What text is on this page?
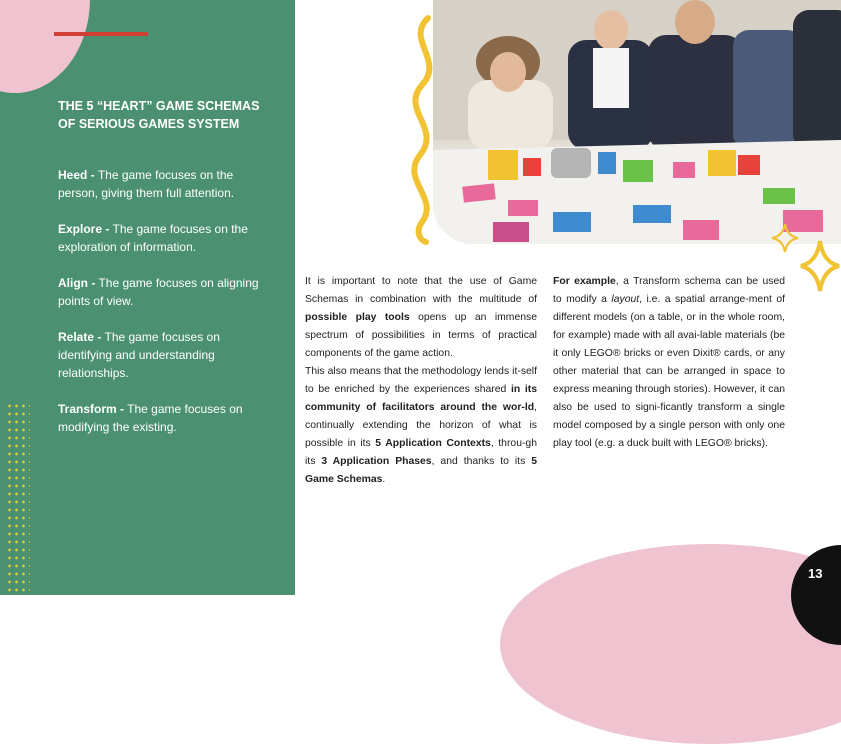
THE 5 “HEART” GAME SCHEMAS OF SERIOUS GAMES SYSTEM
Heed - The game focuses on the person, giving them full attention.
Explore - The game focuses on the exploration of information.
Align - The game focuses on aligning points of view.
Relate - The game focuses on identifying and understanding relationships.
Transform - The game focuses on modifying the existing.
It is important to note that the use of Game Schemas in combination with the multitude of possible play tools opens up an immense spectrum of possibilities in terms of practical components of the game action.
This also means that the methodology lends it-self to be enriched by the experiences shared in its community of facilitators around the wor-ld, continually extending the horizon of what is possible in its 5 Application Contexts, throu-gh its 3 Application Phases, and thanks to its 5 Game Schemas.
For example, a Transform schema can be used to modify a layout, i.e. a spatial arrange-ment of different models (on a table, or in the whole room, for example) made with all avai-lable materials (be it only LEGO® bricks or even Dixit® cards, or any other material that can be arranged in space to express meaning through stories). However, it can also be used to signi-ficantly transform a single model composed by a single person with only one play tool (e.g. a duck built with LEGO® bricks).
13
